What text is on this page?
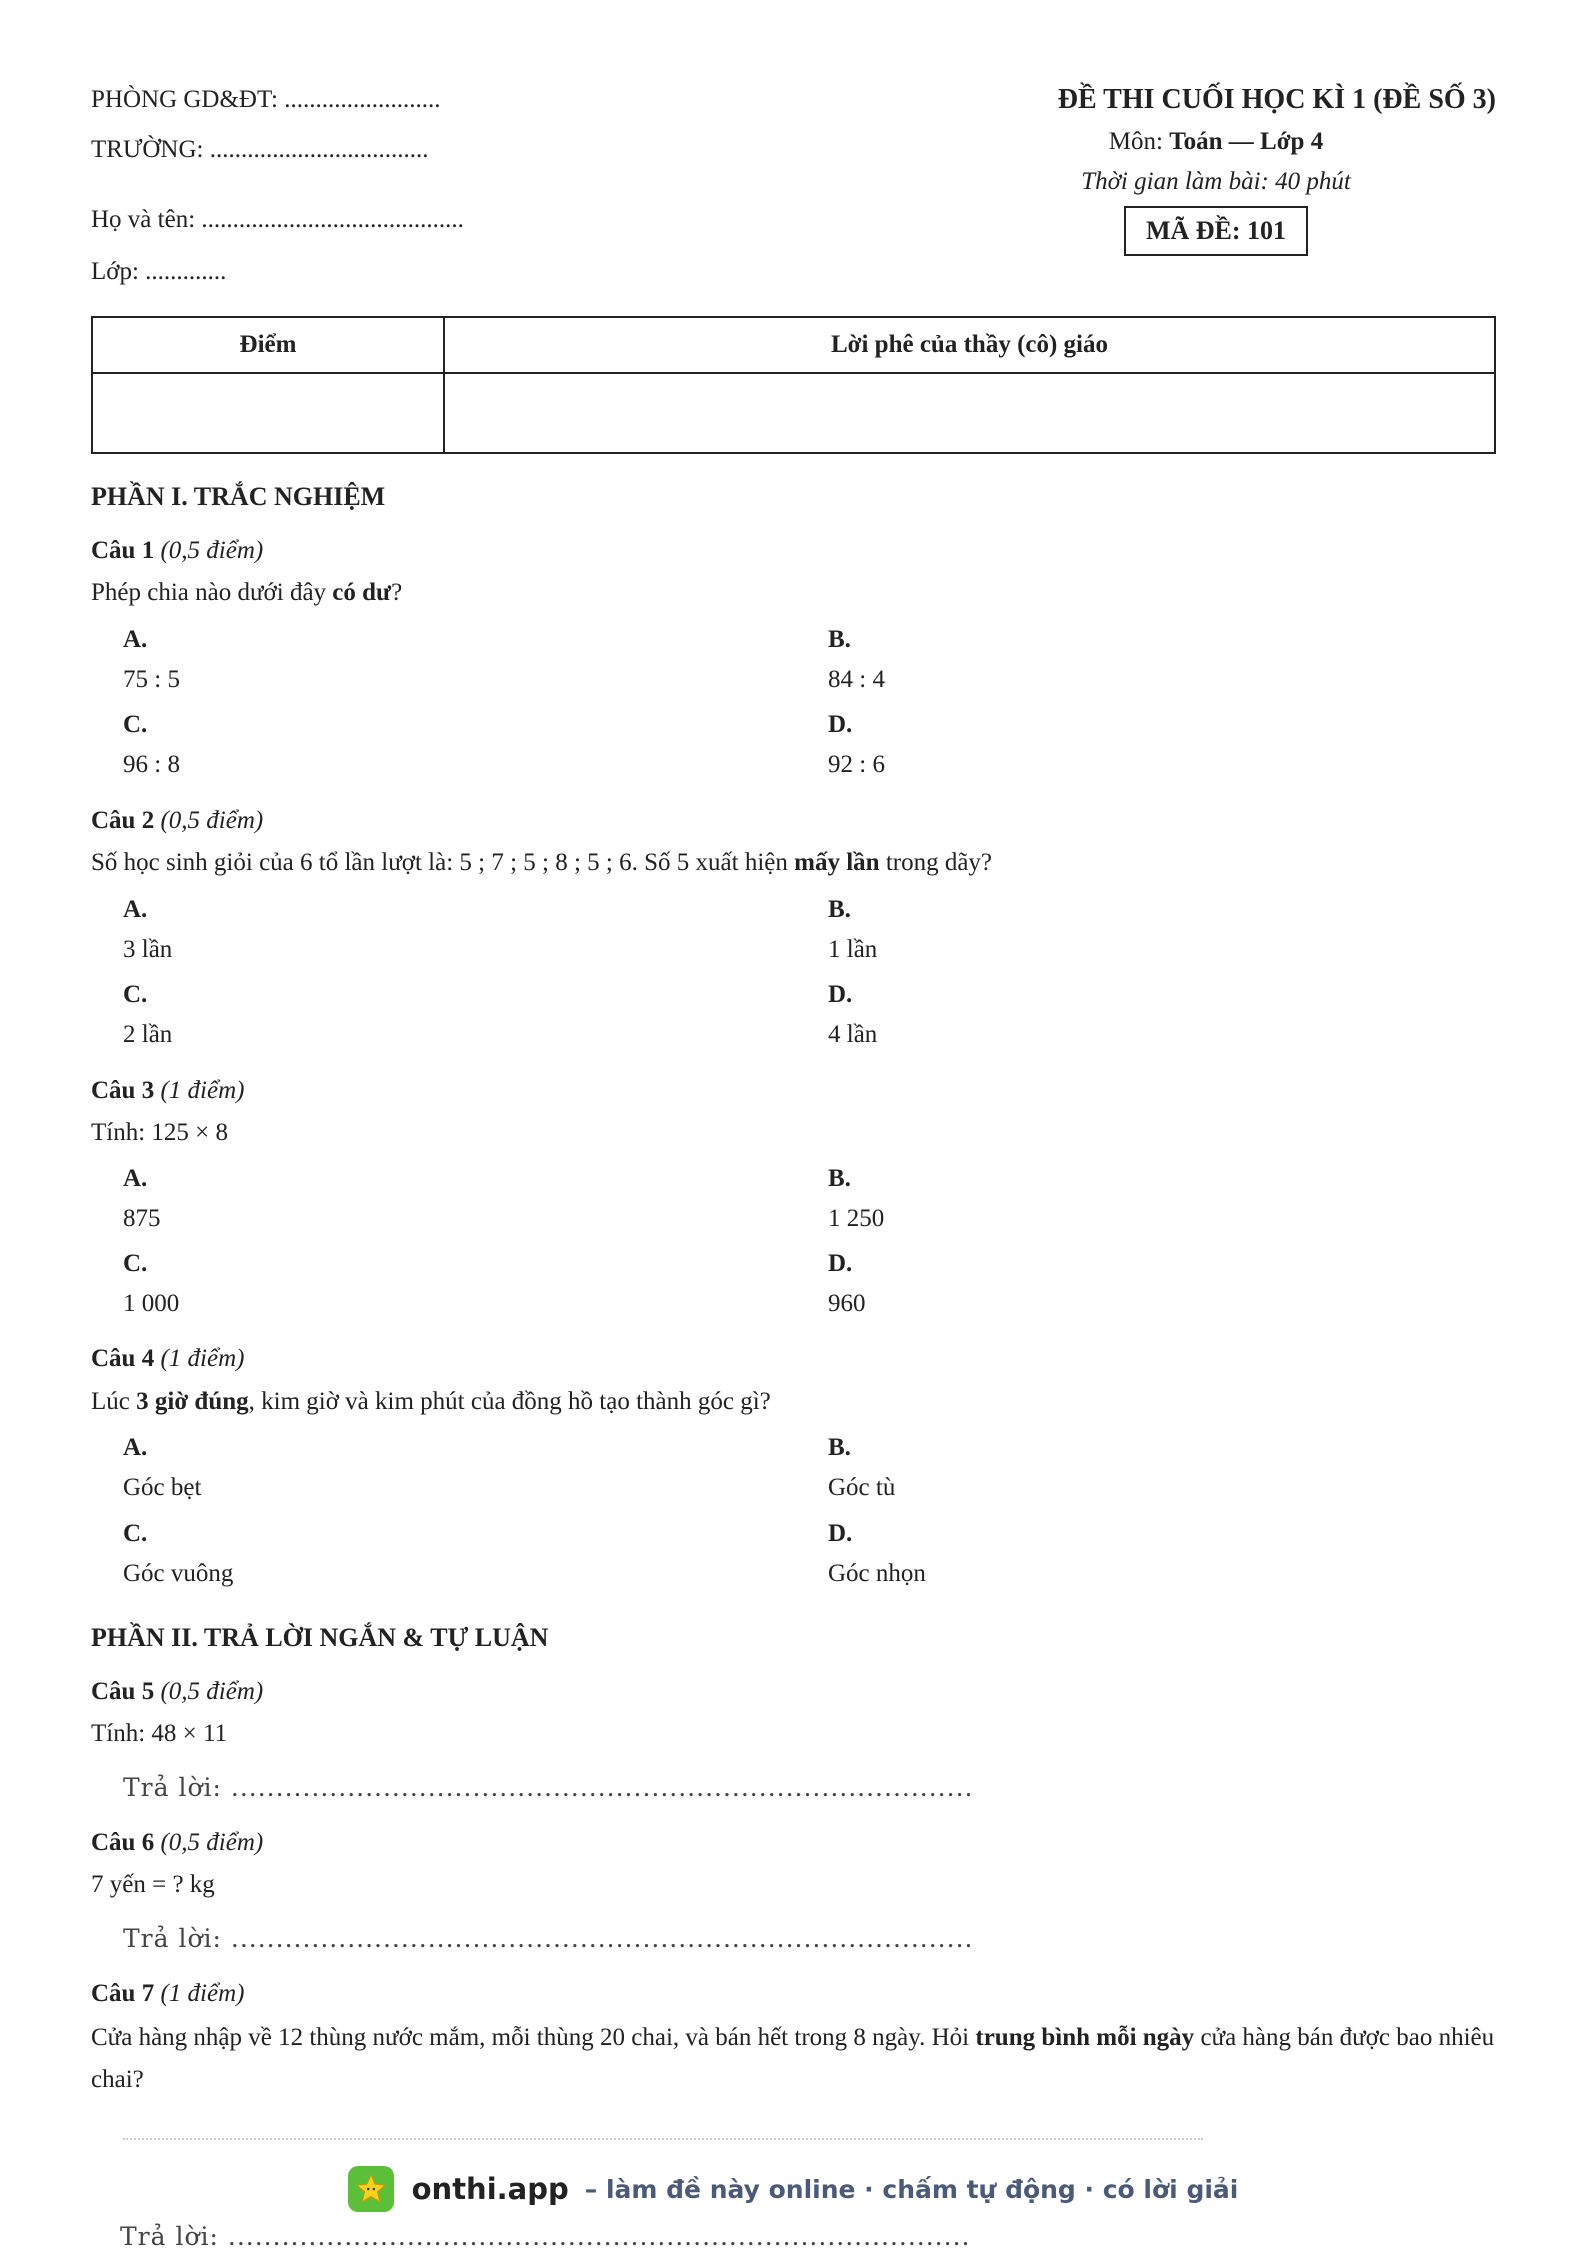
PHÒNG GD&ĐT: .........................
TRƯỜNG: ...................................
Họ và tên: ..........................................
Lớp: .............
ĐỀ THI CUỐI HỌC KÌ 1 (ĐỀ SỐ 3)
Môn: Toán — Lớp 4
Thời gian làm bài: 40 phút
MÃ ĐỀ: 101
Điểm	Lời phê của thầy (cô) giáo

PHẦN I. TRẮC NGHIỆM
Câu 1 (0,5 điểm)
Phép chia nào dưới đây có dư?
A.
75 : 5
B.
84 : 4
C.
96 : 8
D.
92 : 6
Câu 2 (0,5 điểm)
Số học sinh giỏi của 6 tổ lần lượt là: 5 ; 7 ; 5 ; 8 ; 5 ; 6. Số 5 xuất hiện mấy lần trong dãy?
A.
3 lần
B.
1 lần
C.
2 lần
D.
4 lần
Câu 3 (1 điểm)
Tính: 125 × 8
A.
875
B.
1 250
C.
1 000
D.
960
Câu 4 (1 điểm)
Lúc 3 giờ đúng, kim giờ và kim phút của đồng hồ tạo thành góc gì?
A.
Góc bẹt
B.
Góc tù
C.
Góc vuông
D.
Góc nhọn
PHẦN II. TRẢ LỜI NGẮN & TỰ LUẬN
Câu 5 (0,5 điểm)
Tính: 48 × 11
Trả lời: ...................................................................................
Câu 6 (0,5 điểm)
7 yến = ? kg
Trả lời: ...................................................................................
Câu 7 (1 điểm)
Cửa hàng nhập về 12 thùng nước mắm, mỗi thùng 20 chai, và bán hết trong 8 ngày. Hỏi trung bình mỗi ngày cửa hàng bán được bao nhiêu chai?
onthi.app – làm đề này online · chấm tự động · có lời giải
Trả lời: ...................................................................................
